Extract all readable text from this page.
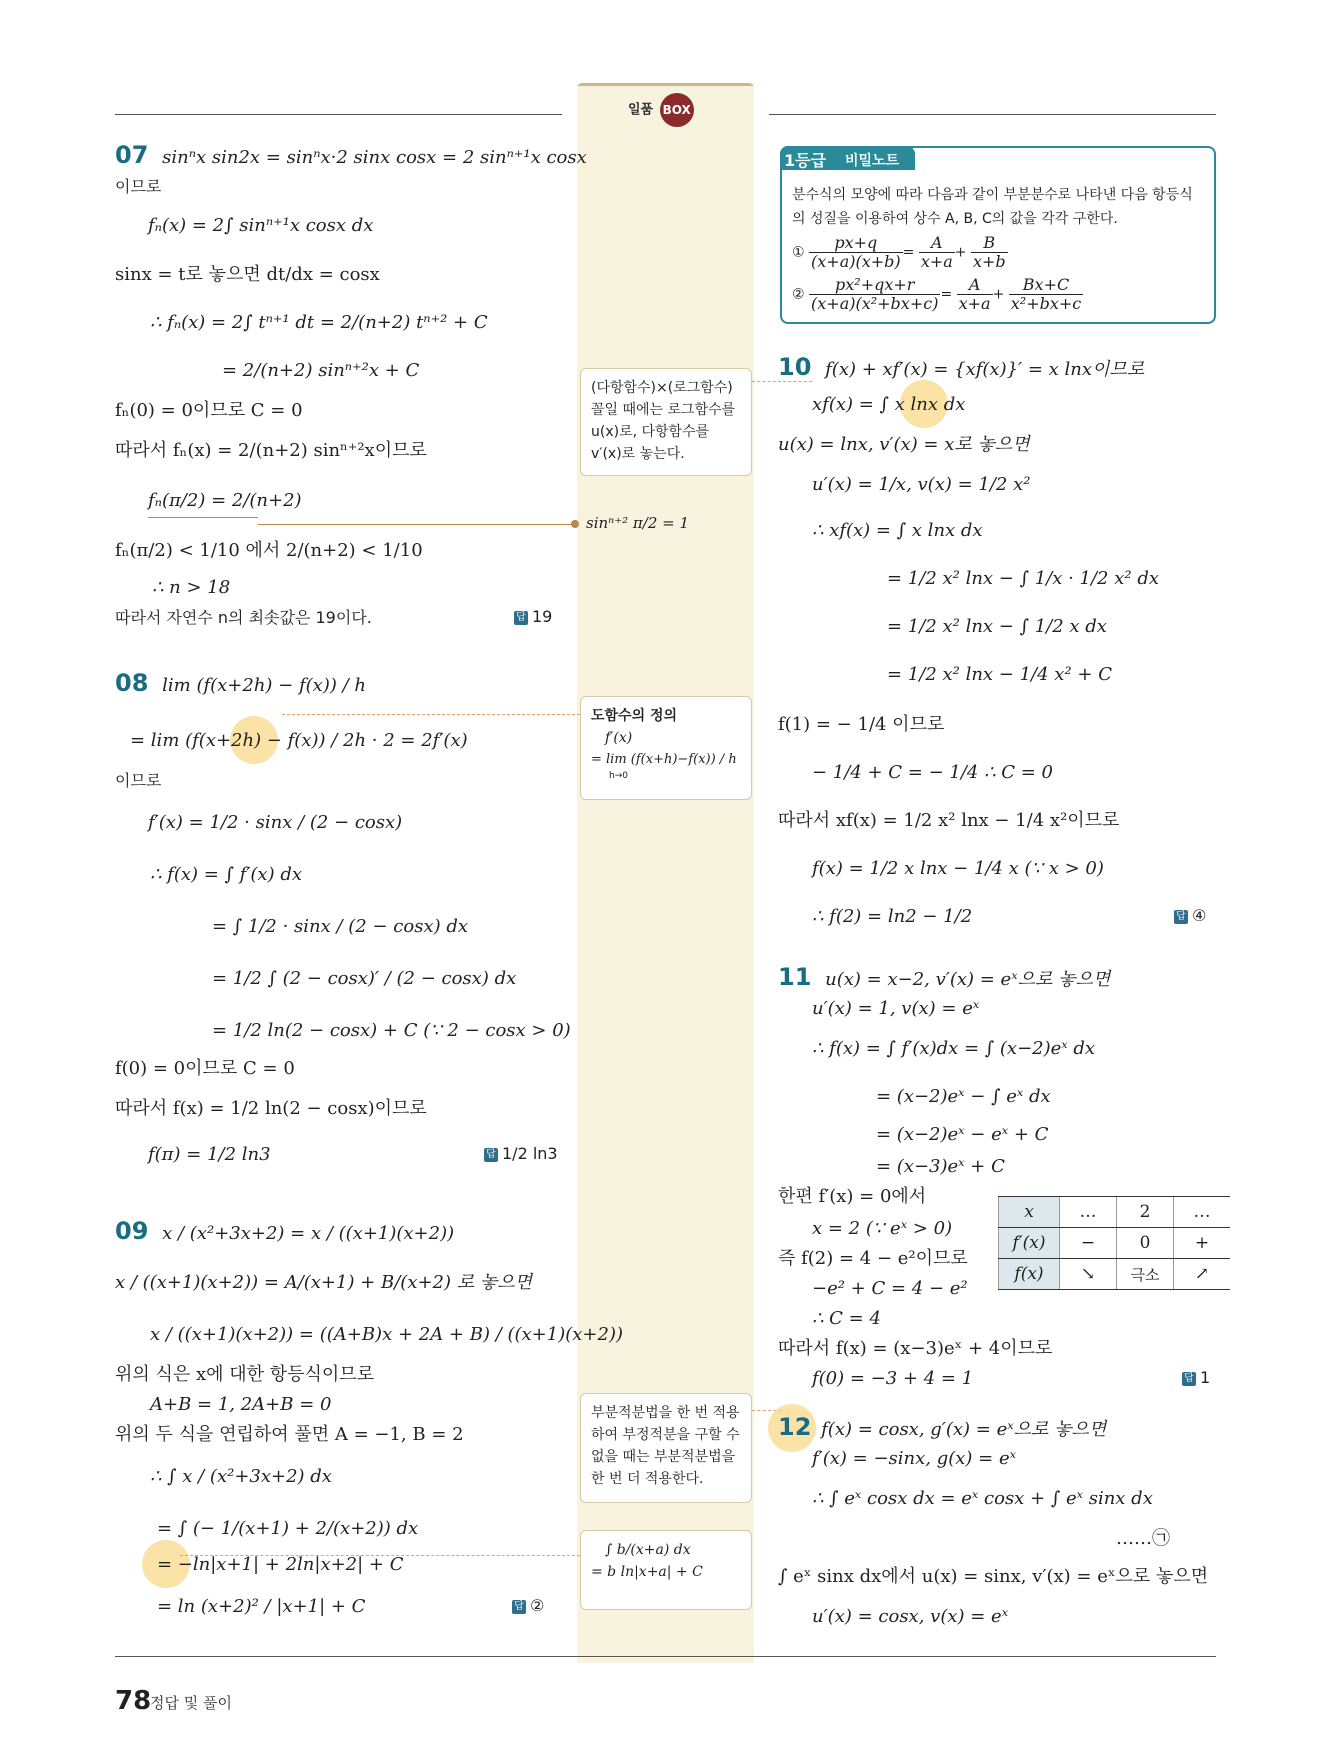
일품 BOX
07 sinⁿx sin2x = sinⁿx·2 sinx cosx = 2 sinⁿ⁺¹x cosx
이므로
fₙ(x) = 2∫ sinⁿ⁺¹x cosx dx
sinx = t로 놓으면 dt/dx = cosx
∴ fₙ(x) = 2∫ tⁿ⁺¹ dt = 2/(n+2) tⁿ⁺² + C
= 2/(n+2) sinⁿ⁺²x + C
fₙ(0) = 0이므로 C = 0
따라서 fₙ(x) = 2/(n+2) sinⁿ⁺²x이므로
fₙ(π/2) = 2/(n+2)
fₙ(π/2) < 1/10 에서 2/(n+2) < 1/10
∴ n > 18
따라서 자연수 n의 최솟값은 19이다.	답 19
08 lim (f(x+2h) − f(x)) / h
= lim (f(x+2h) − f(x)) / 2h · 2 = 2f′(x)
이므로
f′(x) = 1/2 · sinx / (2 − cosx)
∴ f(x) = ∫ f′(x) dx
= ∫ 1/2 · sinx / (2 − cosx) dx
= 1/2 ∫ (2 − cosx)′ / (2 − cosx) dx
= 1/2 ln(2 − cosx) + C (∵ 2 − cosx > 0)
f(0) = 0이므로 C = 0
따라서 f(x) = 1/2 ln(2 − cosx)이므로
f(π) = 1/2 ln3	답 1/2 ln3
09 x / (x²+3x+2) = x / ((x+1)(x+2))
x / ((x+1)(x+2)) = A/(x+1) + B/(x+2) 로 놓으면
x / ((x+1)(x+2)) = ((A+B)x + 2A + B) / ((x+1)(x+2))
위의 식은 x에 대한 항등식이므로
A+B = 1, 2A+B = 0
위의 두 식을 연립하여 풀면 A = −1, B = 2
∴ ∫ x / (x²+3x+2) dx
= ∫ (− 1/(x+1) + 2/(x+2)) dx
= −ln|x+1| + 2ln|x+2| + C
= ln (x+2)² / |x+1| + C	답 ②
(다항함수)×(로그함수)
꼴일 때에는 로그함수를
u(x)로, 다항함수를
v′(x)로 놓는다.
sinⁿ⁺² π/2 = 1
도함수의 정의
f′(x)
= lim (f(x+h)−f(x)) / h
h→0
부분적분법을 한 번 적용
하여 부정적분을 구할 수
없을 때는 부분적분법을
한 번 더 적용한다.
∫ b/(x+a) dx
= b ln|x+a| + C
1등급 비밀노트
분수식의 모양에 따라 다음과 같이 부분분수로 나타낸 다음 항등식
의 성질을 이용하여 상수 A, B, C의 값을 각각 구한다.
① $\frac{px+q}{(x+a)(x+b)} = \frac{A}{x+a} + \frac{B}{x+b}$
② $\frac{\text{px²+qx+r}}{\text{(x+a)(x²+bx+c)}} = \frac{A}{x+a} + \frac{Bx+C}{\text{x²+bx+c}}$
10 f(x) + xf′(x) = {xf(x)}′ = x lnx이므로
xf(x) = ∫ x lnx dx
u(x) = lnx, v′(x) = x로 놓으면
u′(x) = 1/x, v(x) = 1/2 x²
∴ xf(x) = ∫ x lnx dx
= 1/2 x² lnx − ∫ 1/x · 1/2 x² dx
= 1/2 x² lnx − ∫ 1/2 x dx
= 1/2 x² lnx − 1/4 x² + C
f(1) = − 1/4 이므로
− 1/4 + C = − 1/4 ∴ C = 0
따라서 xf(x) = 1/2 x² lnx − 1/4 x²이므로
f(x) = 1/2 x lnx − 1/4 x (∵ x > 0)
∴ f(2) = ln2 − 1/2	답 ④
11 u(x) = x−2, v′(x) = eˣ으로 놓으면
u′(x) = 1, v(x) = eˣ
∴ f(x) = ∫ f′(x)dx = ∫ (x−2)eˣ dx
= (x−2)eˣ − ∫ eˣ dx
= (x−2)eˣ − eˣ + C
= (x−3)eˣ + C
한편 f′(x) = 0에서
x = 2 (∵ eˣ > 0)
즉 f(2) = 4 − e²이므로
−e² + C = 4 − e²
∴ C = 4
따라서 f(x) = (x−3)eˣ + 4이므로
f(0) = −3 + 4 = 1	답 1
x	…	2	…
f′(x)	−	0	+
f(x)	↘	극소	↗
12 f(x) = cosx, g′(x) = eˣ으로 놓으면
f′(x) = −sinx, g(x) = eˣ
∴ ∫ eˣ cosx dx = eˣ cosx + ∫ eˣ sinx dx
……㉠
∫ eˣ sinx dx에서 u(x) = sinx, v′(x) = eˣ으로 놓으면
u′(x) = cosx, v(x) = eˣ
78
정답 및 풀이
